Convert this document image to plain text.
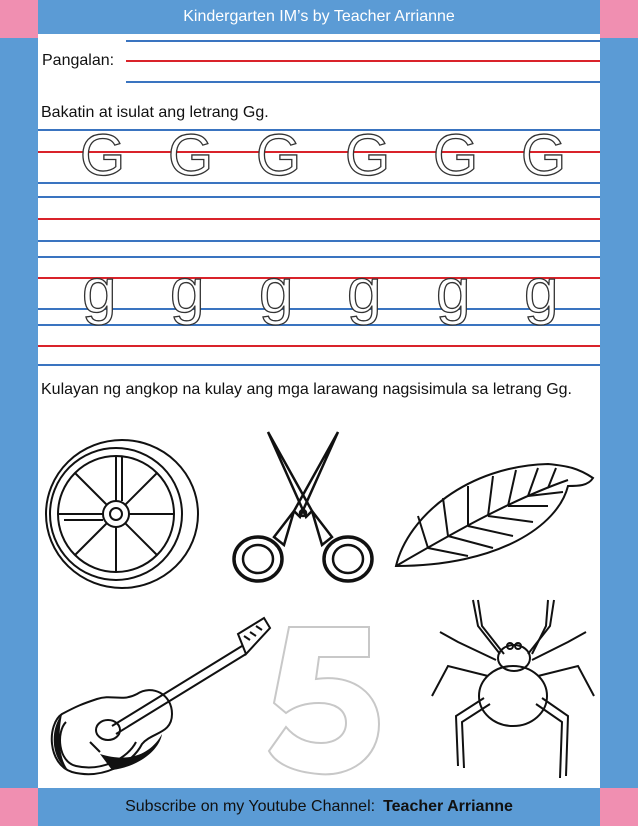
Kindergarten IM’s by Teacher Arrianne
Pangalan:
Bakatin at isulat ang letrang Gg.
G G G G G G
g g g g g g
Kulayan ng angkop na kulay ang mga larawang nagsisimula sa letrang Gg.
Subscribe on my Youtube Channel: Teacher Arrianne
